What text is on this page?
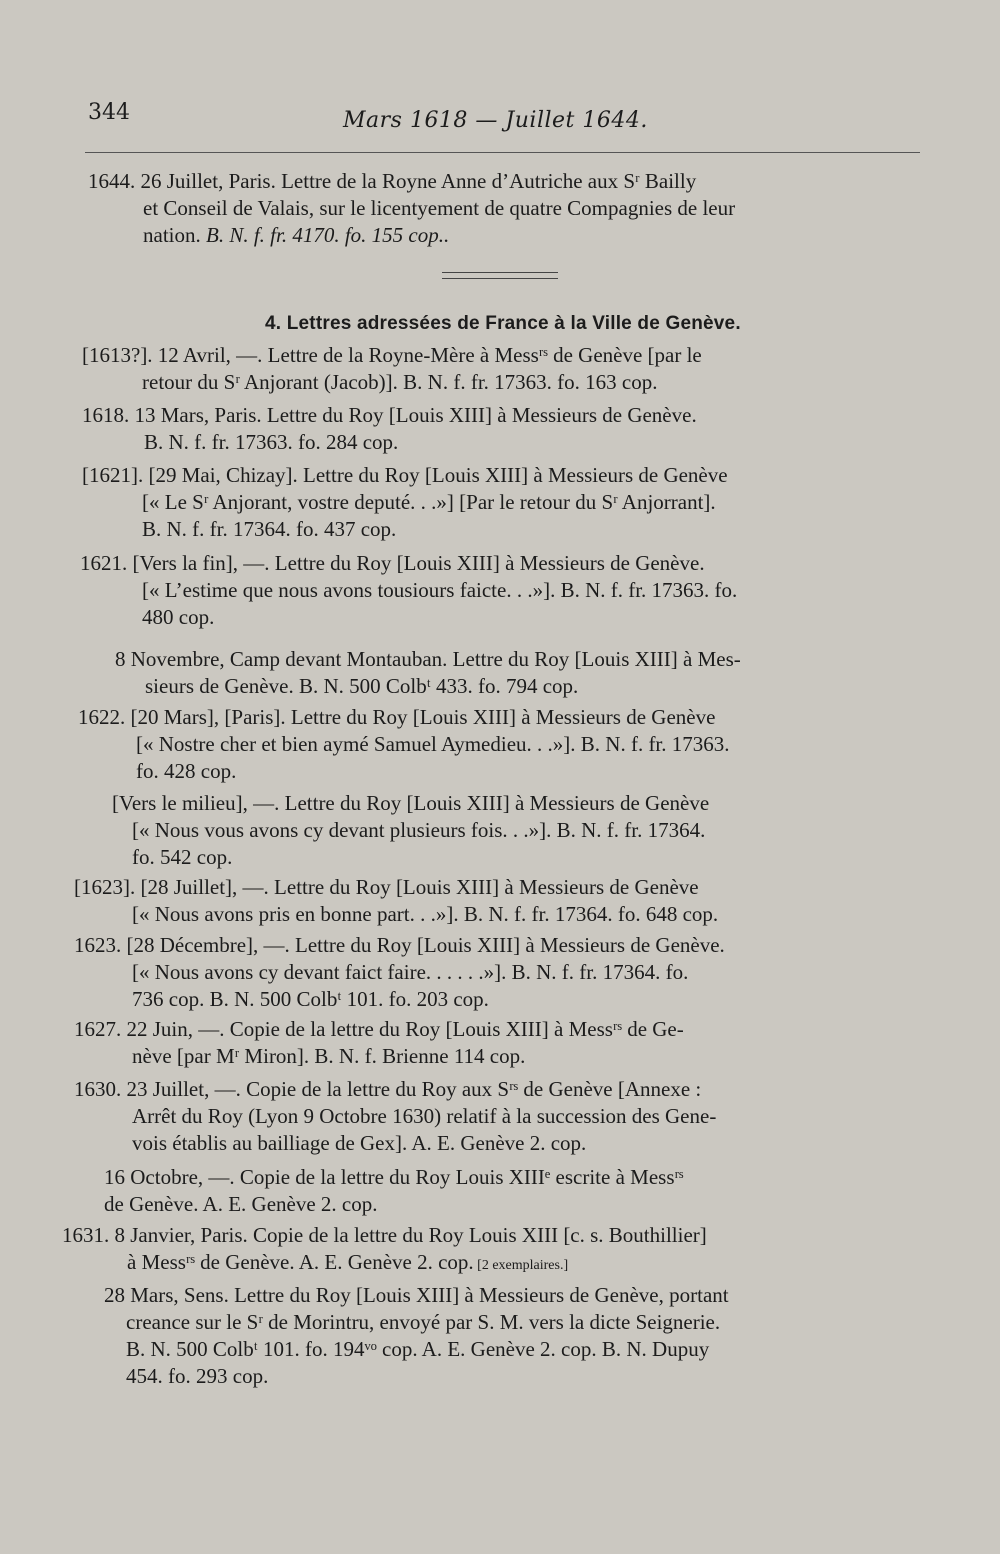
344	Mars 1618 — Juillet 1644.
1644. 26 Juillet, Paris. Lettre de la Royne Anne d’Autriche aux Sʳ Bailly
et Conseil de Valais, sur le licentyement de quatre Compagnies de leur
nation. B. N. f. fr. 4170. fo. 155 cop..
4. Lettres adressées de France à la Ville de Genève.
[1613?]. 12 Avril, —. Lettre de la Royne-Mère à Messʳˢ de Genève [par le
retour du Sʳ Anjorant (Jacob)]. B. N. f. fr. 17363. fo. 163 cop.
1618. 13 Mars, Paris. Lettre du Roy [Louis XIII] à Messieurs de Genève.
B. N. f. fr. 17363. fo. 284 cop.
[1621]. [29 Mai, Chizay]. Lettre du Roy [Louis XIII] à Messieurs de Genève
[« Le Sʳ Anjorant, vostre deputé. . .»] [Par le retour du Sʳ Anjorrant].
B. N. f. fr. 17364. fo. 437 cop.
1621. [Vers la fin], —. Lettre du Roy [Louis XIII] à Messieurs de Genève.
[« L’estime que nous avons tousiours faicte. . .»]. B. N. f. fr. 17363. fo.
480 cop.
8 Novembre, Camp devant Montauban. Lettre du Roy [Louis XIII] à Mes-
sieurs de Genève. B. N. 500 Colbᵗ 433. fo. 794 cop.
1622. [20 Mars], [Paris]. Lettre du Roy [Louis XIII] à Messieurs de Genève
[« Nostre cher et bien aymé Samuel Aymedieu. . .»]. B. N. f. fr. 17363.
fo. 428 cop.
[Vers le milieu], —. Lettre du Roy [Louis XIII] à Messieurs de Genève
[« Nous vous avons cy devant plusieurs fois. . .»]. B. N. f. fr. 17364.
fo. 542 cop.
[1623]. [28 Juillet], —. Lettre du Roy [Louis XIII] à Messieurs de Genève
[« Nous avons pris en bonne part. . .»]. B. N. f. fr. 17364. fo. 648 cop.
1623. [28 Décembre], —. Lettre du Roy [Louis XIII] à Messieurs de Genève.
[« Nous avons cy devant faict faire. . . . . .»]. B. N. f. fr. 17364. fo.
736 cop. B. N. 500 Colbᵗ 101. fo. 203 cop.
1627. 22 Juin, —. Copie de la lettre du Roy [Louis XIII] à Messʳˢ de Ge-
nève [par Mʳ Miron]. B. N. f. Brienne 114 cop.
1630. 23 Juillet, —. Copie de la lettre du Roy aux Sʳˢ de Genève [Annexe :
Arrêt du Roy (Lyon 9 Octobre 1630) relatif à la succession des Gene-
vois établis au bailliage de Gex]. A. E. Genève 2. cop.
16 Octobre, —. Copie de la lettre du Roy Louis XIIIᵉ escrite à Messʳˢ
de Genève. A. E. Genève 2. cop.
1631. 8 Janvier, Paris. Copie de la lettre du Roy Louis XIII [c. s. Bouthillier]
à Messʳˢ de Genève. A. E. Genève 2. cop. [2 exemplaires.]
28 Mars, Sens. Lettre du Roy [Louis XIII] à Messieurs de Genève, portant
creance sur le Sʳ de Morintru, envoyé par S. M. vers la dicte Seignerie.
B. N. 500 Colbᵗ 101. fo. 194ᵛᵒ cop. A. E. Genève 2. cop. B. N. Dupuy
454. fo. 293 cop.
